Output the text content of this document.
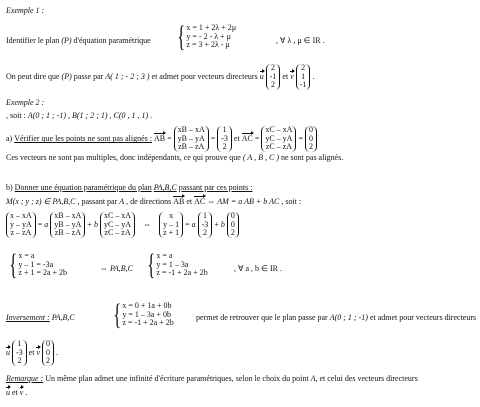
Exemple 1 :
Identifier le plan (P) d'équation paramétrique { x = 1 + 2λ + 2μ
y = - 2 - λ + μ
z = 3 + 2λ - μ	, ∀ λ , μ ∈ IR .
On peut dire que (P) passe par A( 1 ; - 2 ; 3 ) et admet pour vecteurs directeurs u
2
-1
2
et v
2
1
-1
.
Exemple 2 :
, soit : A(0 ; 1 ; -1) , B(1 ; 2 ; 1) , C(0 , 1 , 1) .
a) Vérifier que les points ne sont pas alignés : AB =
xB – xA
yB – yA
zB – zA
=
1
-3
2
et AC =
xC – xA
yC – yA
zC – zA
=
0
0
2
Ces vecteurs ne sont pas multiples, donc indépendants, ce qui prouve que ( A , B , C ) ne sont pas alignés.
b) Donner une équation paramétrique du plan PA,B,C passant par ces points :
M(x ; y ; z) ∈ PA,B,C , passant par A , de directions AB et AC ⇔ AM = a AB + b AC , soit :
x – xA
y – yA
z – zA
= a
xB – xA
yB – yA
zB – zA
+ b
xC – xA
yC – yA
zC – zA
⇔
x
y – 1
z + 1
= a
1
-3
2
+ b
0
0
2
{ x = a
y – 1 = -3a
z + 1 = 2a + 2b	⇔ PA,B,C { x = a
y = 1 – 3a
z = -1 + 2a + 2b	, ∀ a , b ∈ IR .
Inversement : PA,B,C { x = 0 + 1a + 0b
y = 1 – 3a + 0b
z = -1 + 2a + 2b
permet de retrouver que le plan passe par A(0 ; 1 ; -1) et admet pour vecteurs directeurs
u
1
-3
2
et v
0
0
2
.
Remarque : Un même plan admet une infinité d'écriture paramétriques, selon le choix du point A, et celui des vecteurs directeurs
u et v .
